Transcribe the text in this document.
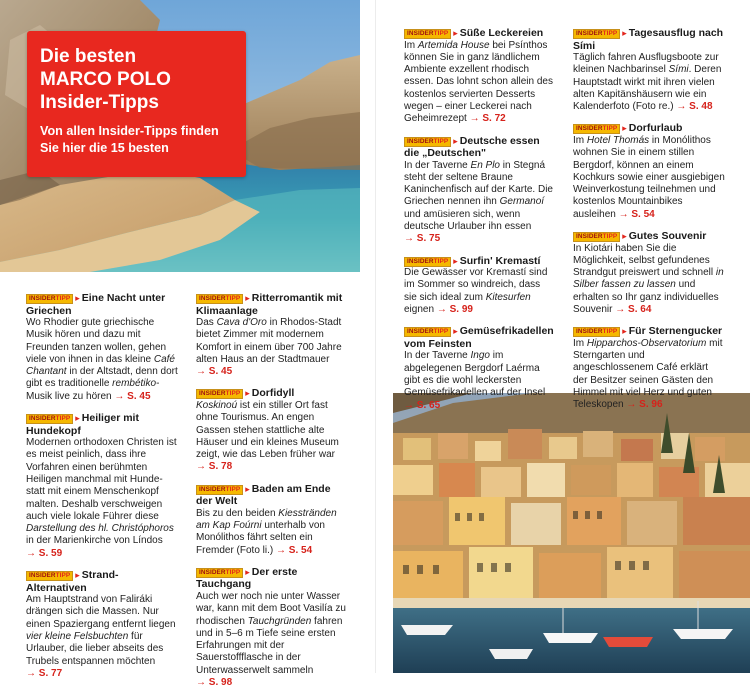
Die besten
MARCO POLO
Insider-Tipps
Von allen Insider-Tipps finden
Sie hier die 15 besten
INSIDERTIPP ▸ Eine Nacht unter Griechen
Wo Rhodier gute griechische Musik hören und dazu mit Freunden tanzen wollen, gehen viele von ihnen in das kleine Café Chantant in der Altstadt, denn dort gibt es traditionelle rembétiko-Musik live zu hören → S. 45
INSIDERTIPP ▸ Heiliger mit Hundekopf
Modernen orthodoxen Christen ist es meist peinlich, dass ihre Vorfahren einen berühmten Heiligen manchmal mit Hunde- statt mit einem Menschenkopf malten. Deshalb verschweigen auch viele lokale Führer diese Darstellung des hl. Christóphoros in der Marienkirche von Líndos → S. 59
INSIDERTIPP ▸ Strand-Alternativen
Am Hauptstrand von Faliráki drängen sich die Massen. Nur einen Spaziergang entfernt liegen vier kleine Felsbuchten für Urlauber, die lieber abseits des Trubels entspannen möchten → S. 77
INSIDERTIPP ▸ Ritterromantik mit Klimaanlage
Das Cava d'Oro in Rhodos-Stadt bietet Zimmer mit modernem Komfort in einem über 700 Jahre alten Haus an der Stadtmauer → S. 45
INSIDERTIPP ▸ Dorfidyll
Koskinoú ist ein stiller Ort fast ohne Tourismus. An engen Gassen stehen stattliche alte Häuser und ein kleines Museum zeigt, wie das Leben früher war → S. 78
INSIDERTIPP ▸ Baden am Ende der Welt
Bis zu den beiden Kiesstränden am Kap Foúrni unterhalb von Monólithos fährt selten ein Fremder (Foto li.) → S. 54
INSIDERTIPP ▸ Der erste Tauchgang
Auch wer noch nie unter Wasser war, kann mit dem Boot Vasilía zu rhodischen Tauchgründen fahren und in 5–6 m Tiefe seine ersten Erfahrungen mit der Sauerstoffflasche in der Unterwasserwelt sammeln → S. 98
INSIDERTIPP ▸ Süße Leckereien
Im Artemida House bei Psínthos können Sie in ganz ländlichem Ambiente exzellent rhodisch essen. Das lohnt schon allein des kostenlos servierten Desserts wegen – einer Leckerei nach Geheimrezept → S. 72
INSIDERTIPP ▸ Deutsche essen die „Deutschen"
In der Taverne En Plo in Stegná steht der seltene Braune Kaninchenfisch auf der Karte. Die Griechen nennen ihn Germanoí und amüsieren sich, wenn deutsche Urlauber ihn essen → S. 75
INSIDERTIPP ▸ Surfin' Kremastí
Die Gewässer vor Kremastí sind im Sommer so windreich, dass sie sich ideal zum Kitesurfen eignen → S. 99
INSIDERTIPP ▸ Gemüsefrikadellen vom Feinsten
In der Taverne Ingo im abgelegenen Bergdorf Laérma gibt es die wohl leckersten Gemüsefrikadellen auf der Insel → S. 65
INSIDERTIPP ▸ Tagesausflug nach Sími
Täglich fahren Ausflugsboote zur kleinen Nachbarinsel Sími. Deren Hauptstadt wirkt mit ihren vielen alten Kapitänshäusern wie ein Kalenderfoto (Foto re.) → S. 48
INSIDERTIPP ▸ Dorfurlaub
Im Hotel Thomás in Monólithos wohnen Sie in einem stillen Bergdorf, können an einem Kochkurs sowie einer ausgiebigen Weinverkostung teilnehmen und kostenlos Mountainbikes ausleihen → S. 54
INSIDERTIPP ▸ Gutes Souvenir
In Kiotári haben Sie die Möglichkeit, selbst gefundenes Strandgut preiswert und schnell in Silber fassen zu lassen und erhalten so Ihr ganz individuelles Souvenir → S. 64
INSIDERTIPP ▸ Für Sternengucker
Im Hipparchos-Observatorium mit Sterngarten und angeschlossenem Café erklärt der Besitzer seinen Gästen den Himmel mit viel Herz und guten Teleskopen → S. 96
